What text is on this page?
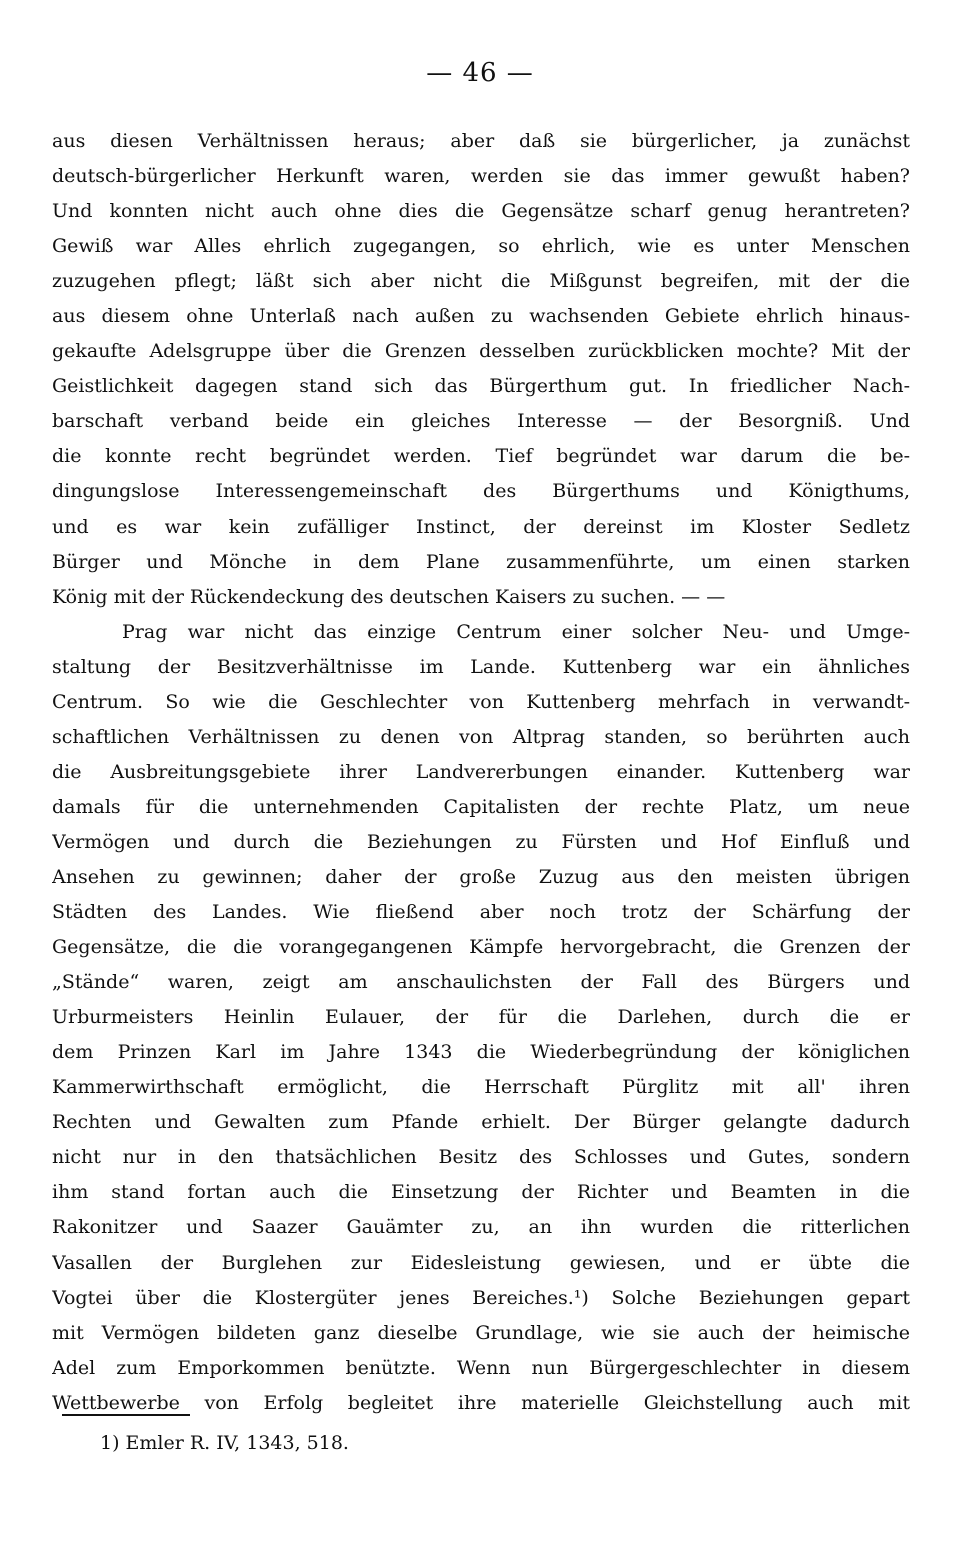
— 46 —
aus diesen Verhältnissen heraus; aber daß sie bürgerlicher, ja zunächst
deutsch-bürgerlicher Herkunft waren, werden sie das immer gewußt haben?
Und konnten nicht auch ohne dies die Gegensätze scharf genug herantreten?
Gewiß war Alles ehrlich zugegangen, so ehrlich, wie es unter Menschen
zuzugehen pflegt; läßt sich aber nicht die Mißgunst begreifen, mit der die
aus diesem ohne Unterlaß nach außen zu wachsenden Gebiete ehrlich hinaus-
gekaufte Adelsgruppe über die Grenzen desselben zurückblicken mochte? Mit der
Geistlichkeit dagegen stand sich das Bürgerthum gut. In friedlicher Nach-
barschaft verband beide ein gleiches Interesse — der Besorgniß. Und
die konnte recht begründet werden. Tief begründet war darum die be-
dingungslose Interessengemeinschaft des Bürgerthums und Königthums,
und es war kein zufälliger Instinct, der dereinst im Kloster Sedletz
Bürger und Mönche in dem Plane zusammenführte, um einen starken
König mit der Rückendeckung des deutschen Kaisers zu suchen. — —
Prag war nicht das einzige Centrum einer solcher Neu- und Umge-
staltung der Besitzverhältnisse im Lande. Kuttenberg war ein ähnliches
Centrum. So wie die Geschlechter von Kuttenberg mehrfach in verwandt-
schaftlichen Verhältnissen zu denen von Altprag standen, so berührten auch
die Ausbreitungsgebiete ihrer Landvererbungen einander. Kuttenberg war
damals für die unternehmenden Capitalisten der rechte Platz, um neue
Vermögen und durch die Beziehungen zu Fürsten und Hof Einfluß und
Ansehen zu gewinnen; daher der große Zuzug aus den meisten übrigen
Städten des Landes. Wie fließend aber noch trotz der Schärfung der
Gegensätze, die die vorangegangenen Kämpfe hervorgebracht, die Grenzen der
„Stände“ waren, zeigt am anschaulichsten der Fall des Bürgers und
Urburmeisters Heinlin Eulauer, der für die Darlehen, durch die er
dem Prinzen Karl im Jahre 1343 die Wiederbegründung der königlichen
Kammerwirthschaft ermöglicht, die Herrschaft Pürglitz mit all' ihren
Rechten und Gewalten zum Pfande erhielt. Der Bürger gelangte dadurch
nicht nur in den thatsächlichen Besitz des Schlosses und Gutes, sondern
ihm stand fortan auch die Einsetzung der Richter und Beamten in die
Rakonitzer und Saazer Gauämter zu, an ihn wurden die ritterlichen
Vasallen der Burglehen zur Eidesleistung gewiesen, und er übte die
Vogtei über die Klostergüter jenes Bereiches.¹) Solche Beziehungen gepart
mit Vermögen bildeten ganz dieselbe Grundlage, wie sie auch der heimische
Adel zum Emporkommen benützte. Wenn nun Bürgergeschlechter in diesem
Wettbewerbe von Erfolg begleitet ihre materielle Gleichstellung auch mit
1) Emler R. IV, 1343, 518.
